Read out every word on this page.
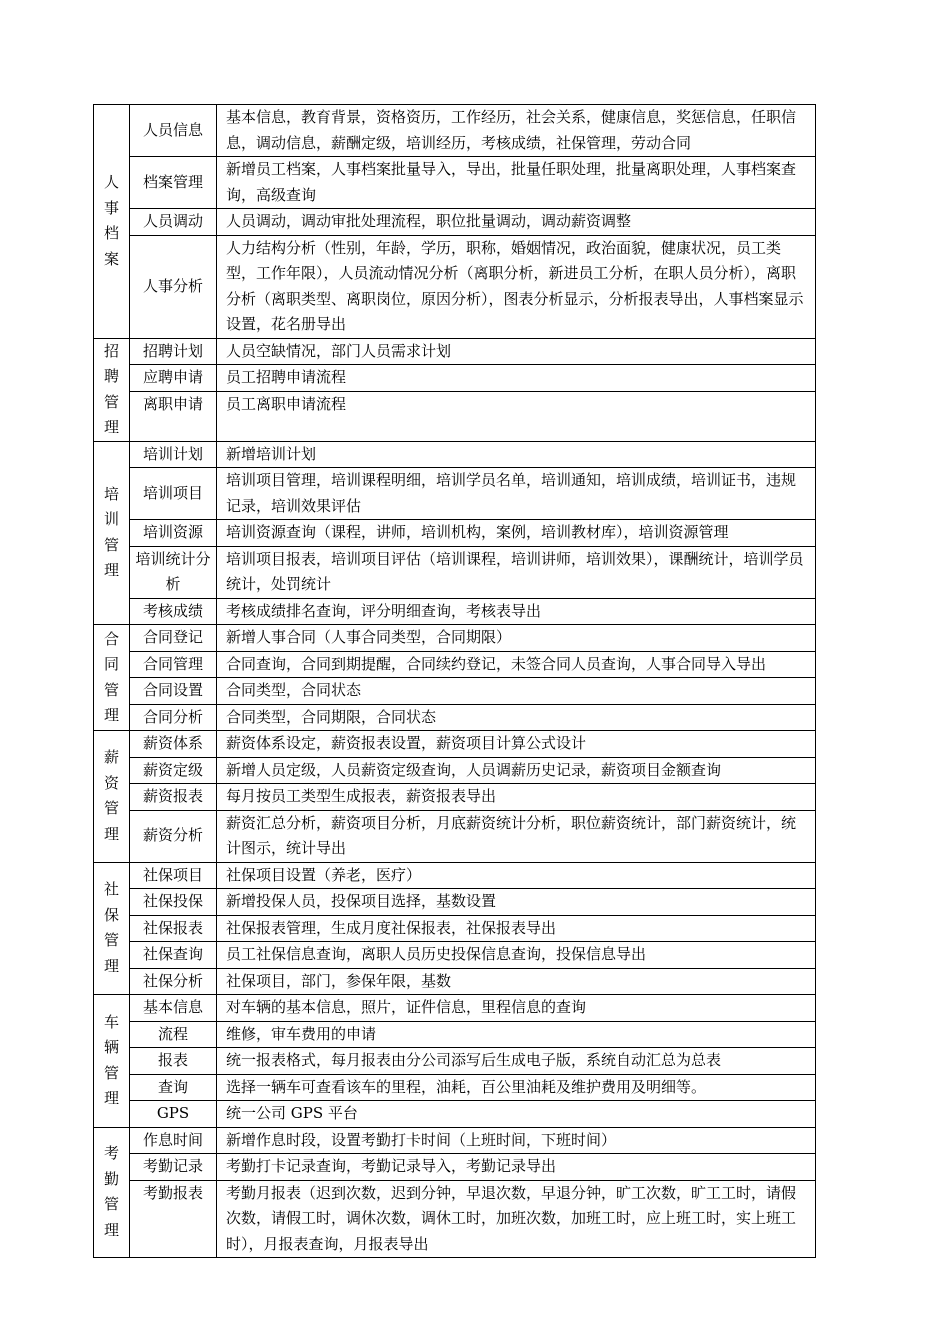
人事档案	人员信息	基本信息，教育背景，资格资历，工作经历，社会关系，健康信息，奖惩信息，任职信息，调动信息，薪酬定级，培训经历，考核成绩，社保管理，劳动合同
	档案管理	新增员工档案，人事档案批量导入，导出，批量任职处理，批量离职处理，人事档案查询，高级查询
	人员调动	人员调动，调动审批处理流程，职位批量调动，调动薪资调整
	人事分析	人力结构分析（性别，年龄，学历，职称，婚姻情况，政治面貌，健康状况，员工类型，工作年限），人员流动情况分析（离职分析，新进员工分析，在职人员分析），离职分析（离职类型、离职岗位，原因分析），图表分析显示，分析报表导出，人事档案显示设置，花名册导出

招聘管理	招聘计划	人员空缺情况，部门人员需求计划
	应聘申请	员工招聘申请流程
	离职申请	员工离职申请流程

培训管理	培训计划	新增培训计划
	培训项目	培训项目管理，培训课程明细，培训学员名单，培训通知，培训成绩，培训证书，违规记录，培训效果评估
	培训资源	培训资源查询（课程，讲师，培训机构，案例，培训教材库），培训资源管理
	培训统计分析	培训项目报表，培训项目评估（培训课程，培训讲师，培训效果），课酬统计，培训学员统计，处罚统计
	考核成绩	考核成绩排名查询，评分明细查询，考核表导出

合同管理	合同登记	新增人事合同（人事合同类型，合同期限）
	合同管理	合同查询，合同到期提醒，合同续约登记，未签合同人员查询，人事合同导入导出
	合同设置	合同类型，合同状态
	合同分析	合同类型，合同期限，合同状态

薪资管理	薪资体系	薪资体系设定，薪资报表设置，薪资项目计算公式设计
	薪资定级	新增人员定级，人员薪资定级查询，人员调薪历史记录，薪资项目金额查询
	薪资报表	每月按员工类型生成报表，薪资报表导出
	薪资分析	薪资汇总分析，薪资项目分析，月底薪资统计分析，职位薪资统计，部门薪资统计，统计图示，统计导出

社保管理	社保项目	社保项目设置（养老，医疗）
	社保投保	新增投保人员，投保项目选择，基数设置
	社保报表	社保报表管理，生成月度社保报表，社保报表导出
	社保查询	员工社保信息查询，离职人员历史投保信息查询，投保信息导出
	社保分析	社保项目，部门，参保年限，基数

车辆管理	基本信息	对车辆的基本信息，照片，证件信息，里程信息的查询
	流程	维修，审车费用的申请
	报表	统一报表格式，每月报表由分公司添写后生成电子版，系统自动汇总为总表
	查询	选择一辆车可查看该车的里程，油耗，百公里油耗及维护费用及明细等。
	GPS	统一公司 GPS 平台

考勤管理	作息时间	新增作息时段，设置考勤打卡时间（上班时间，下班时间）
	考勤记录	考勤打卡记录查询，考勤记录导入，考勤记录导出
	考勤报表	考勤月报表（迟到次数，迟到分钟，早退次数，早退分钟，旷工次数，旷工工时，请假次数，请假工时，调休次数，调休工时，加班次数，加班工时，应上班工时，实上班工时），月报表查询，月报表导出
